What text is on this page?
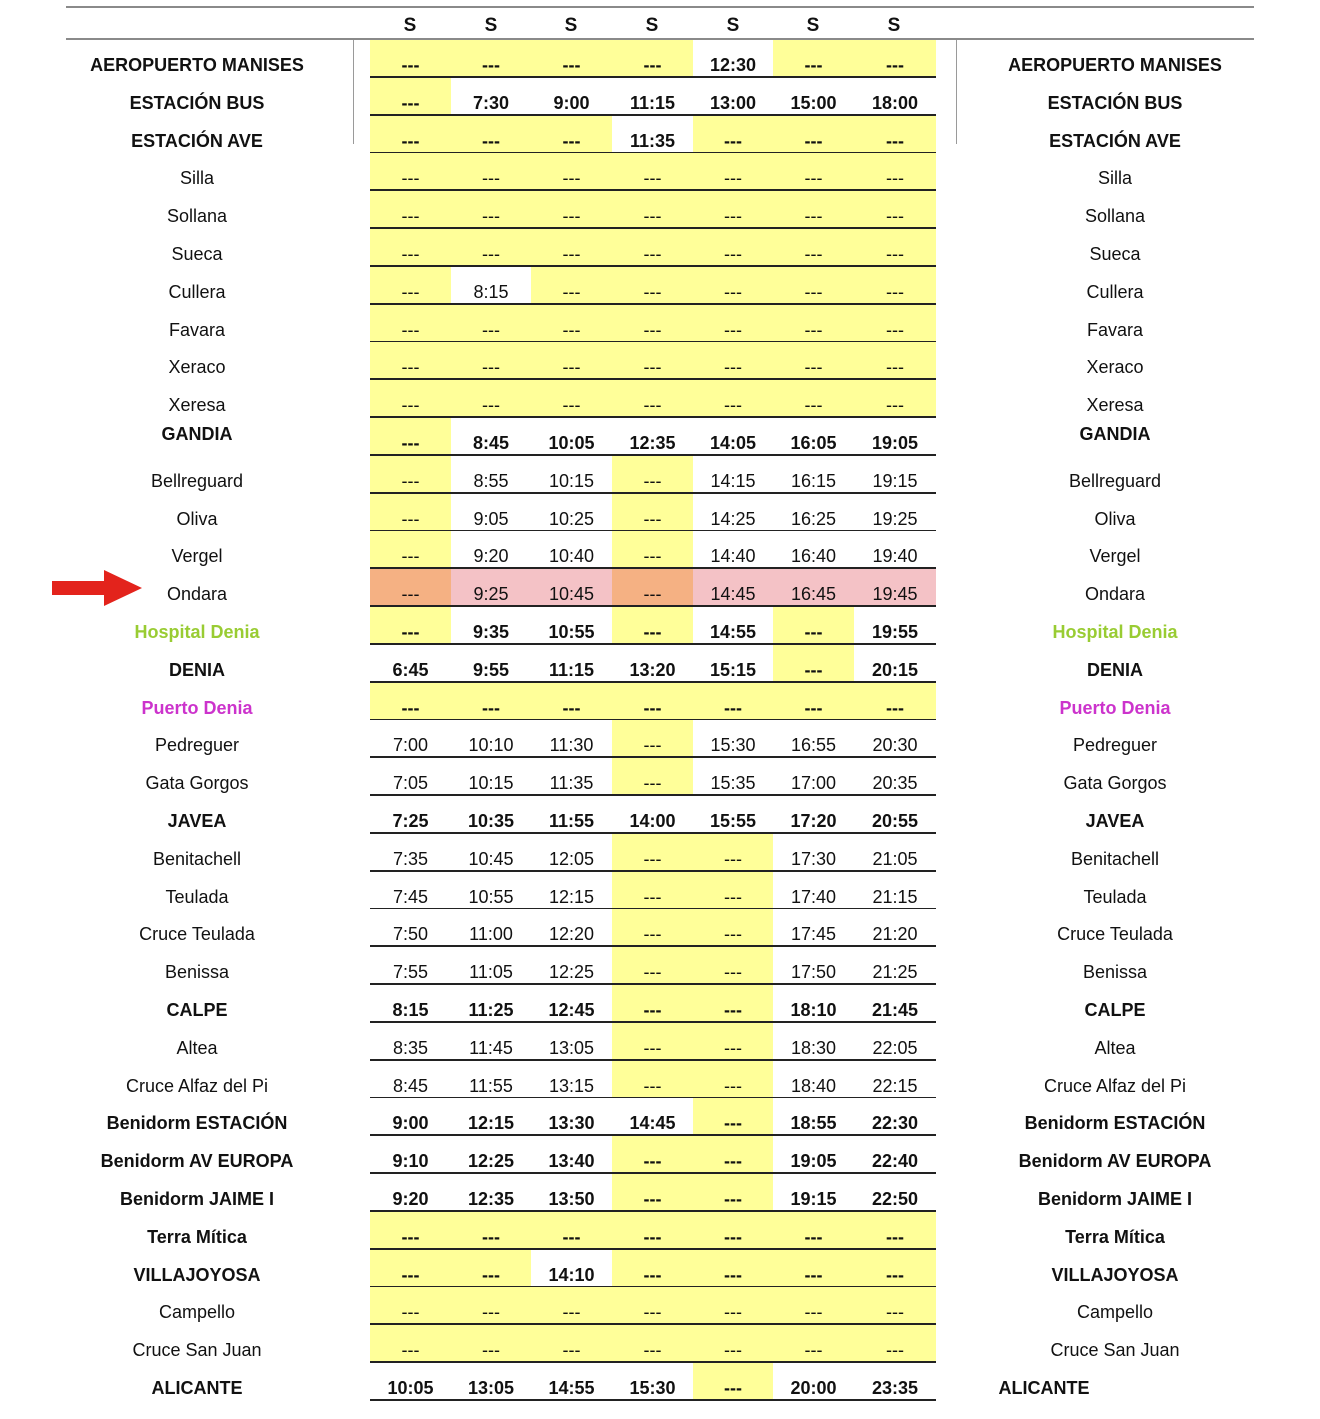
S	S	S	S	S	S	S
AEROPUERTO MANISES	---	---	---	---	12:30	---	---	AEROPUERTO MANISES
ESTACIÓN BUS	---	7:30	9:00	11:15	13:00	15:00	18:00	ESTACIÓN BUS
ESTACIÓN AVE	---	---	---	11:35	---	---	---	ESTACIÓN AVE
Silla	---	---	---	---	---	---	---	Silla
Sollana	---	---	---	---	---	---	---	Sollana
Sueca	---	---	---	---	---	---	---	Sueca
Cullera	---	8:15	---	---	---	---	---	Cullera
Favara	---	---	---	---	---	---	---	Favara
Xeraco	---	---	---	---	---	---	---	Xeraco
Xeresa	---	---	---	---	---	---	---	Xeresa
GANDIA	---	8:45	10:05	12:35	14:05	16:05	19:05	GANDIA
Bellreguard	---	8:55	10:15	---	14:15	16:15	19:15	Bellreguard
Oliva	---	9:05	10:25	---	14:25	16:25	19:25	Oliva
Vergel	---	9:20	10:40	---	14:40	16:40	19:40	Vergel
Ondara	---	9:25	10:45	---	14:45	16:45	19:45	Ondara
Hospital Denia	---	9:35	10:55	---	14:55	---	19:55	Hospital Denia
DENIA	6:45	9:55	11:15	13:20	15:15	---	20:15	DENIA
Puerto Denia	---	---	---	---	---	---	---	Puerto Denia
Pedreguer	7:00	10:10	11:30	---	15:30	16:55	20:30	Pedreguer
Gata Gorgos	7:05	10:15	11:35	---	15:35	17:00	20:35	Gata Gorgos
JAVEA	7:25	10:35	11:55	14:00	15:55	17:20	20:55	JAVEA
Benitachell	7:35	10:45	12:05	---	---	17:30	21:05	Benitachell
Teulada	7:45	10:55	12:15	---	---	17:40	21:15	Teulada
Cruce Teulada	7:50	11:00	12:20	---	---	17:45	21:20	Cruce Teulada
Benissa	7:55	11:05	12:25	---	---	17:50	21:25	Benissa
CALPE	8:15	11:25	12:45	---	---	18:10	21:45	CALPE
Altea	8:35	11:45	13:05	---	---	18:30	22:05	Altea
Cruce Alfaz del Pi	8:45	11:55	13:15	---	---	18:40	22:15	Cruce Alfaz del Pi
Benidorm ESTACIÓN	9:00	12:15	13:30	14:45	---	18:55	22:30	Benidorm ESTACIÓN
Benidorm AV EUROPA	9:10	12:25	13:40	---	---	19:05	22:40	Benidorm AV EUROPA
Benidorm JAIME I	9:20	12:35	13:50	---	---	19:15	22:50	Benidorm JAIME I
Terra Mítica	---	---	---	---	---	---	---	Terra Mítica
VILLAJOYOSA	---	---	14:10	---	---	---	---	VILLAJOYOSA
Campello	---	---	---	---	---	---	---	Campello
Cruce San Juan	---	---	---	---	---	---	---	Cruce San Juan
ALICANTE	10:05	13:05	14:55	15:30	---	20:00	23:35	ALICANTE
